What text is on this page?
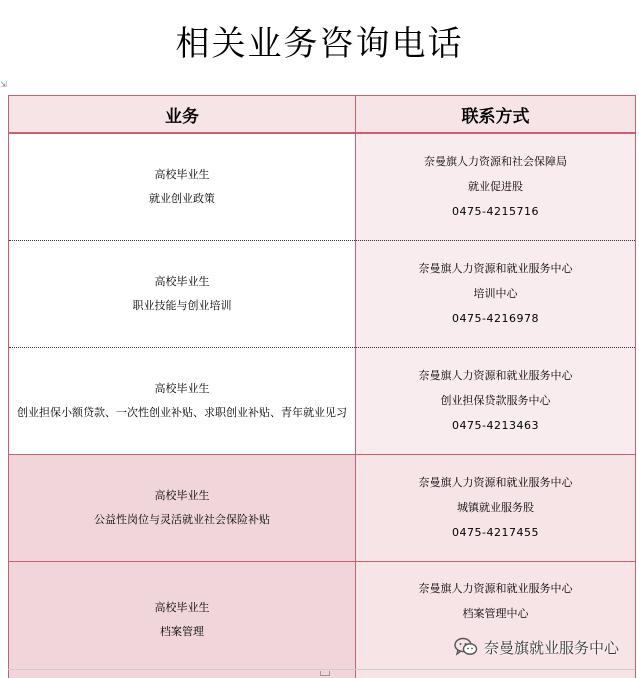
相关业务咨询电话
⇲
业务	联系方式

高校毕业生
就业创业政策	奈曼旗人力资源和社会保障局
就业促进股
0475-4215716

高校毕业生
职业技能与创业培训	奈曼旗人力资源和就业服务中心
培训中心
0475-4216978

高校毕业生
创业担保小额贷款、一次性创业补贴、求职创业补贴、青年就业见习	奈曼旗人力资源和就业服务中心
创业担保贷款服务中心
0475-4213463

高校毕业生
公益性岗位与灵活就业社会保险补贴	奈曼旗人力资源和就业服务中心
城镇就业服务股
0475-4217455

高校毕业生
档案管理	奈曼旗人力资源和就业服务中心
档案管理中心
奈曼旗就业服务中心
